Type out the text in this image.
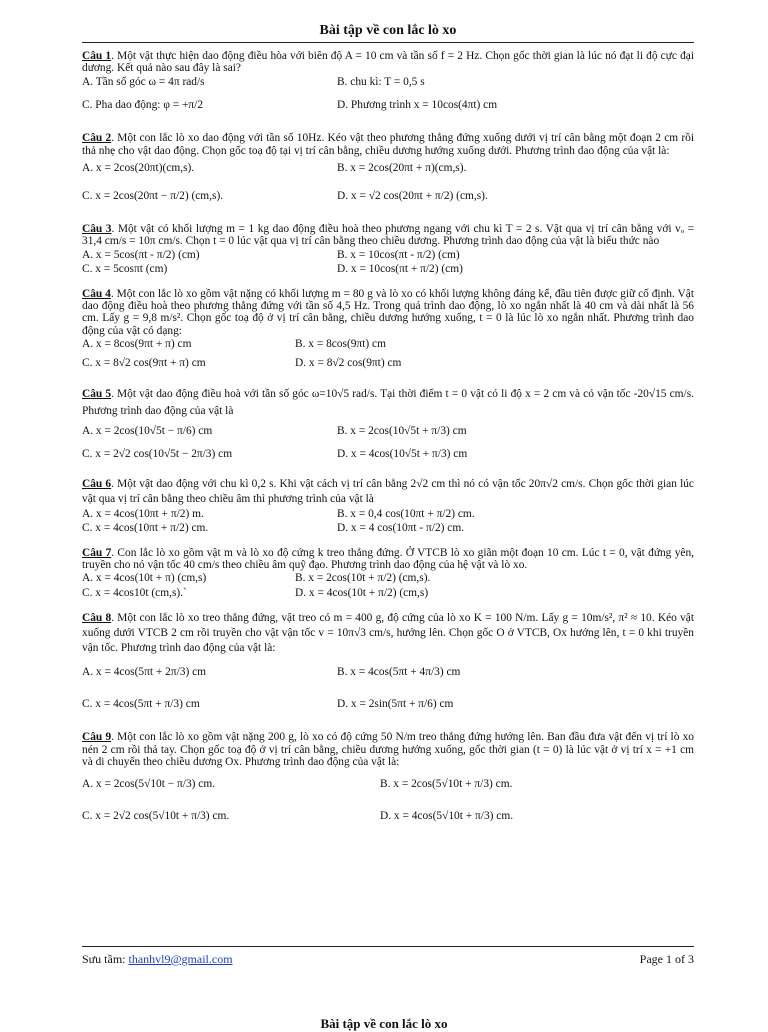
Bài tập về con lắc lò xo
Câu 1. Một vật thực hiện dao động điều hòa với biên độ A = 10 cm và tần số f = 2 Hz. Chọn gốc thời gian là lúc nó đạt li độ cực đại dương. Kết quả nào sau đây là sai?
A. Tần số góc ω = 4π rad/s	B. chu kì: T = 0,5 s
C. Pha dao động: φ = +π/2	D. Phương trình x = 10cos(4πt) cm
Câu 2. Một con lắc lò xo dao động với tần số 10Hz. Kéo vật theo phương thẳng đứng xuống dưới vị trí cân bằng một đoạn 2 cm rồi thả nhẹ cho vật dao động. Chọn gốc toạ độ tại vị trí cân bằng, chiều dương hướng xuống dưới. Phương trình dao động của vật là:
A. x = 2cos(20πt)(cm,s).	B. x = 2cos(20πt + π)(cm,s).
C. x = 2cos(20πt − π/2) (cm,s).	D. x = √2 cos(20πt + π/2) (cm,s).
Câu 3. Một vật có khối lượng m = 1 kg dao động điều hoà theo phương ngang với chu kì T = 2 s. Vật qua vị trí cân bằng với vₒ = 31,4 cm/s = 10π cm/s. Chọn t = 0 lúc vật qua vị trí cân bằng theo chiều dương. Phương trình dao động của vật là biểu thức nào
A. x = 5cos(πt - π/2) (cm)	B. x = 10cos(πt - π/2) (cm)
C. x = 5cosπt (cm)	D. x = 10cos(πt + π/2) (cm)
Câu 4. Một con lắc lò xo gồm vật nặng có khối lượng m = 80 g và lò xo có khối lượng không đáng kể, đầu tiên được giữ cố định. Vật dao động điều hoà theo phương thẳng đứng với tần số 4,5 Hz. Trong quá trình dao động, lò xo ngắn nhất là 40 cm và dài nhất là 56 cm. Lấy g = 9,8 m/s². Chọn gốc toạ độ ở vị trí cân bằng, chiều dương hướng xuống, t = 0 là lúc lò xo ngắn nhất. Phương trình dao động của vật có dạng:
A. x = 8cos(9πt + π) cm	B. x = 8cos(9πt) cm
C. x = 8√2 cos(9πt + π) cm	D. x = 8√2 cos(9πt) cm
Câu 5. Một vật dao động điều hoà với tần số góc ω=10√5 rad/s. Tại thời điểm t = 0 vật có li độ x = 2 cm và có vận tốc -20√15 cm/s. Phương trình dao động của vật là
A. x = 2cos(10√5t − π/6) cm	B. x = 2cos(10√5t + π/3) cm
C. x = 2√2 cos(10√5t − 2π/3) cm	D. x = 4cos(10√5t + π/3) cm
Câu 6. Một vật dao động với chu kì 0,2 s. Khi vật cách vị trí cân bằng 2√2 cm thì nó có vận tốc 20π√2 cm/s. Chọn gốc thời gian lúc vật qua vị trí cân bằng theo chiều âm thì phương trình của vật là
A. x = 4cos(10πt + π/2) m.	B. x = 0,4 cos(10πt + π/2) cm.
C. x = 4cos(10πt + π/2) cm.	D. x = 4 cos(10πt - π/2) cm.
Câu 7. Con lắc lò xo gồm vật m và lò xo độ cứng k treo thẳng đứng. Ở VTCB lò xo giãn một đoạn 10 cm. Lúc t = 0, vật đứng yên, truyền cho nó vận tốc 40 cm/s theo chiều âm quỹ đạo. Phương trình dao động của hệ vật và lò xo.
A. x = 4cos(10t + π) (cm,s)	B. x = 2cos(10t + π/2) (cm,s).
C. x = 4cos10t (cm,s).`	D. x = 4cos(10t + π/2) (cm,s)
Câu 8. Một con lắc lò xo treo thẳng đứng, vật treo có m = 400 g, độ cứng của lò xo K = 100 N/m. Lấy g = 10m/s², π² ≈ 10. Kéo vật xuống dưới VTCB 2 cm rồi truyền cho vật vận tốc v = 10π√3 cm/s, hướng lên. Chọn gốc O ở VTCB, Ox hướng lên, t = 0 khi truyền vận tốc. Phương trình dao động của vật là:
A. x = 4cos(5πt + 2π/3) cm	B. x = 4cos(5πt + 4π/3) cm
C. x = 4cos(5πt + π/3) cm	D. x = 2sin(5πt + π/6) cm
Câu 9. Một con lắc lò xo gồm vật nặng 200 g, lò xo có độ cứng 50 N/m treo thẳng đứng hướng lên. Ban đầu đưa vật đến vị trí lò xo nén 2 cm rồi thả tay. Chọn gốc toạ độ ở vị trí cân bằng, chiều dương hướng xuống, gốc thời gian (t = 0) là lúc vật ở vị trí x = +1 cm và di chuyển theo chiều dương Ox. Phương trình dao động của vật là:
A. x = 2cos(5√10t − π/3) cm.	B. x = 2cos(5√10t + π/3) cm.
C. x = 2√2 cos(5√10t + π/3) cm.	D. x = 4cos(5√10t + π/3) cm.
Sưu tầm: thanhvl9@gmail.com	Page 1 of 3
Bài tập về con lắc lò xo
